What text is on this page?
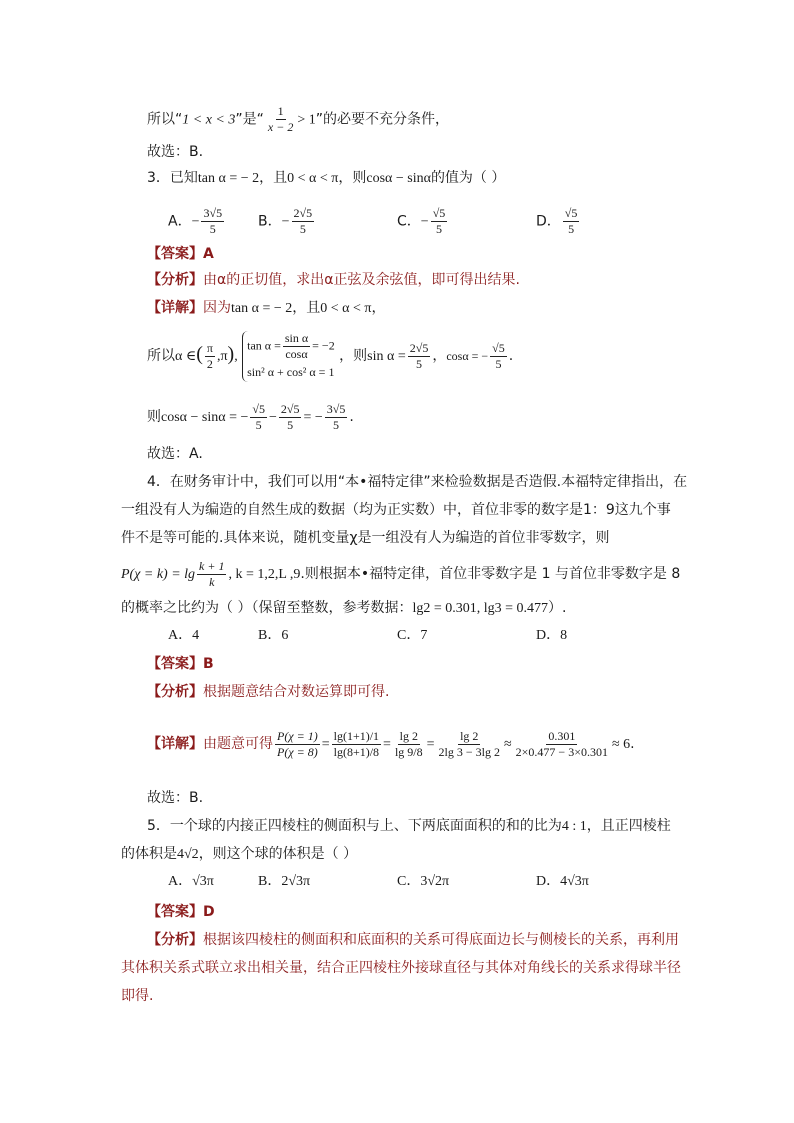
所以“1 < x < 3”是“ $\frac{1}{x - 2} > 1$”的必要不充分条件，
故选：B.
3．已知tan α = − 2，且0 < α < π，则cosα − sinα的值为（ ）
A．− $\frac{3√5}{5}$ B．− $\frac{2√5}{5}$	C．− $\frac{√5}{5}$	D． $\frac{√5}{5}$
【答案】A
【分析】由α的正切值，求出α正弦及余弦值，即可得出结果.
【详解】因为tan α = − 2，且0 < α < π，
所以α ∈( $\frac{\pi}{2} ,\pi$),
$\tan \alpha = \frac{\text{sin α}}{\cos\alpha} = -2$
sin² α + cos² α = 1
，则$\sin \alpha = \frac{2√5}{5}$ ，cosα = − $\frac{√5}{5}$ .
则cosα − sinα = − $\frac{√5}{5} - \frac{2√5}{5}$ = − $\frac{3√5}{5}$ .
故选：A.
4．在财务审计中，我们可以用“本•福特定律”来检验数据是否造假.本福特定律指出，在
一组没有人为编造的自然生成的数据（均为正实数）中，首位非零的数字是1：9这九个事
件不是等可能的.具体来说，随机变量χ是一组没有人为编造的首位非零数字，则
$P(\chi = k) = \lg \frac{k + 1}{k}$ , k = 1,2,L ,9.则根据本•福特定律，首位非零数字是 1 与首位非零数字是 8
的概率之比约为（ ）（保留至整数，参考数据：lg2 = 0.301, lg3 = 0.477）.
A．4	B．6	C．7	D．8
【答案】B
【分析】根据题意结合对数运算即可得.
【详解】由题意可得 $\frac{P(\chi = 1)}{P(\chi = 8)} = \frac{\lg(1+1)/1}{\lg(8+1)/8} = \frac{\lg 2}{\lg 9/8} = \frac{\lg 2}{2\lg 3 - 3\lg 2} \approx \frac{0.301}{2\times 0.477 - 3\times 0.301} \approx 6$.
故选：B.
5．一个球的内接正四棱柱的侧面积与上、下两底面面积的和的比为4 : 1，且正四棱柱
的体积是4√2，则这个球的体积是（ ）
A．√3π	B．2√3π	C．3√2π	D．4√3π
【答案】D
【分析】根据该四棱柱的侧面积和底面积的关系可得底面边长与侧棱长的关系，再利用
其体积关系式联立求出相关量，结合正四棱柱外接球直径与其体对角线长的关系求得球半径
即得.
